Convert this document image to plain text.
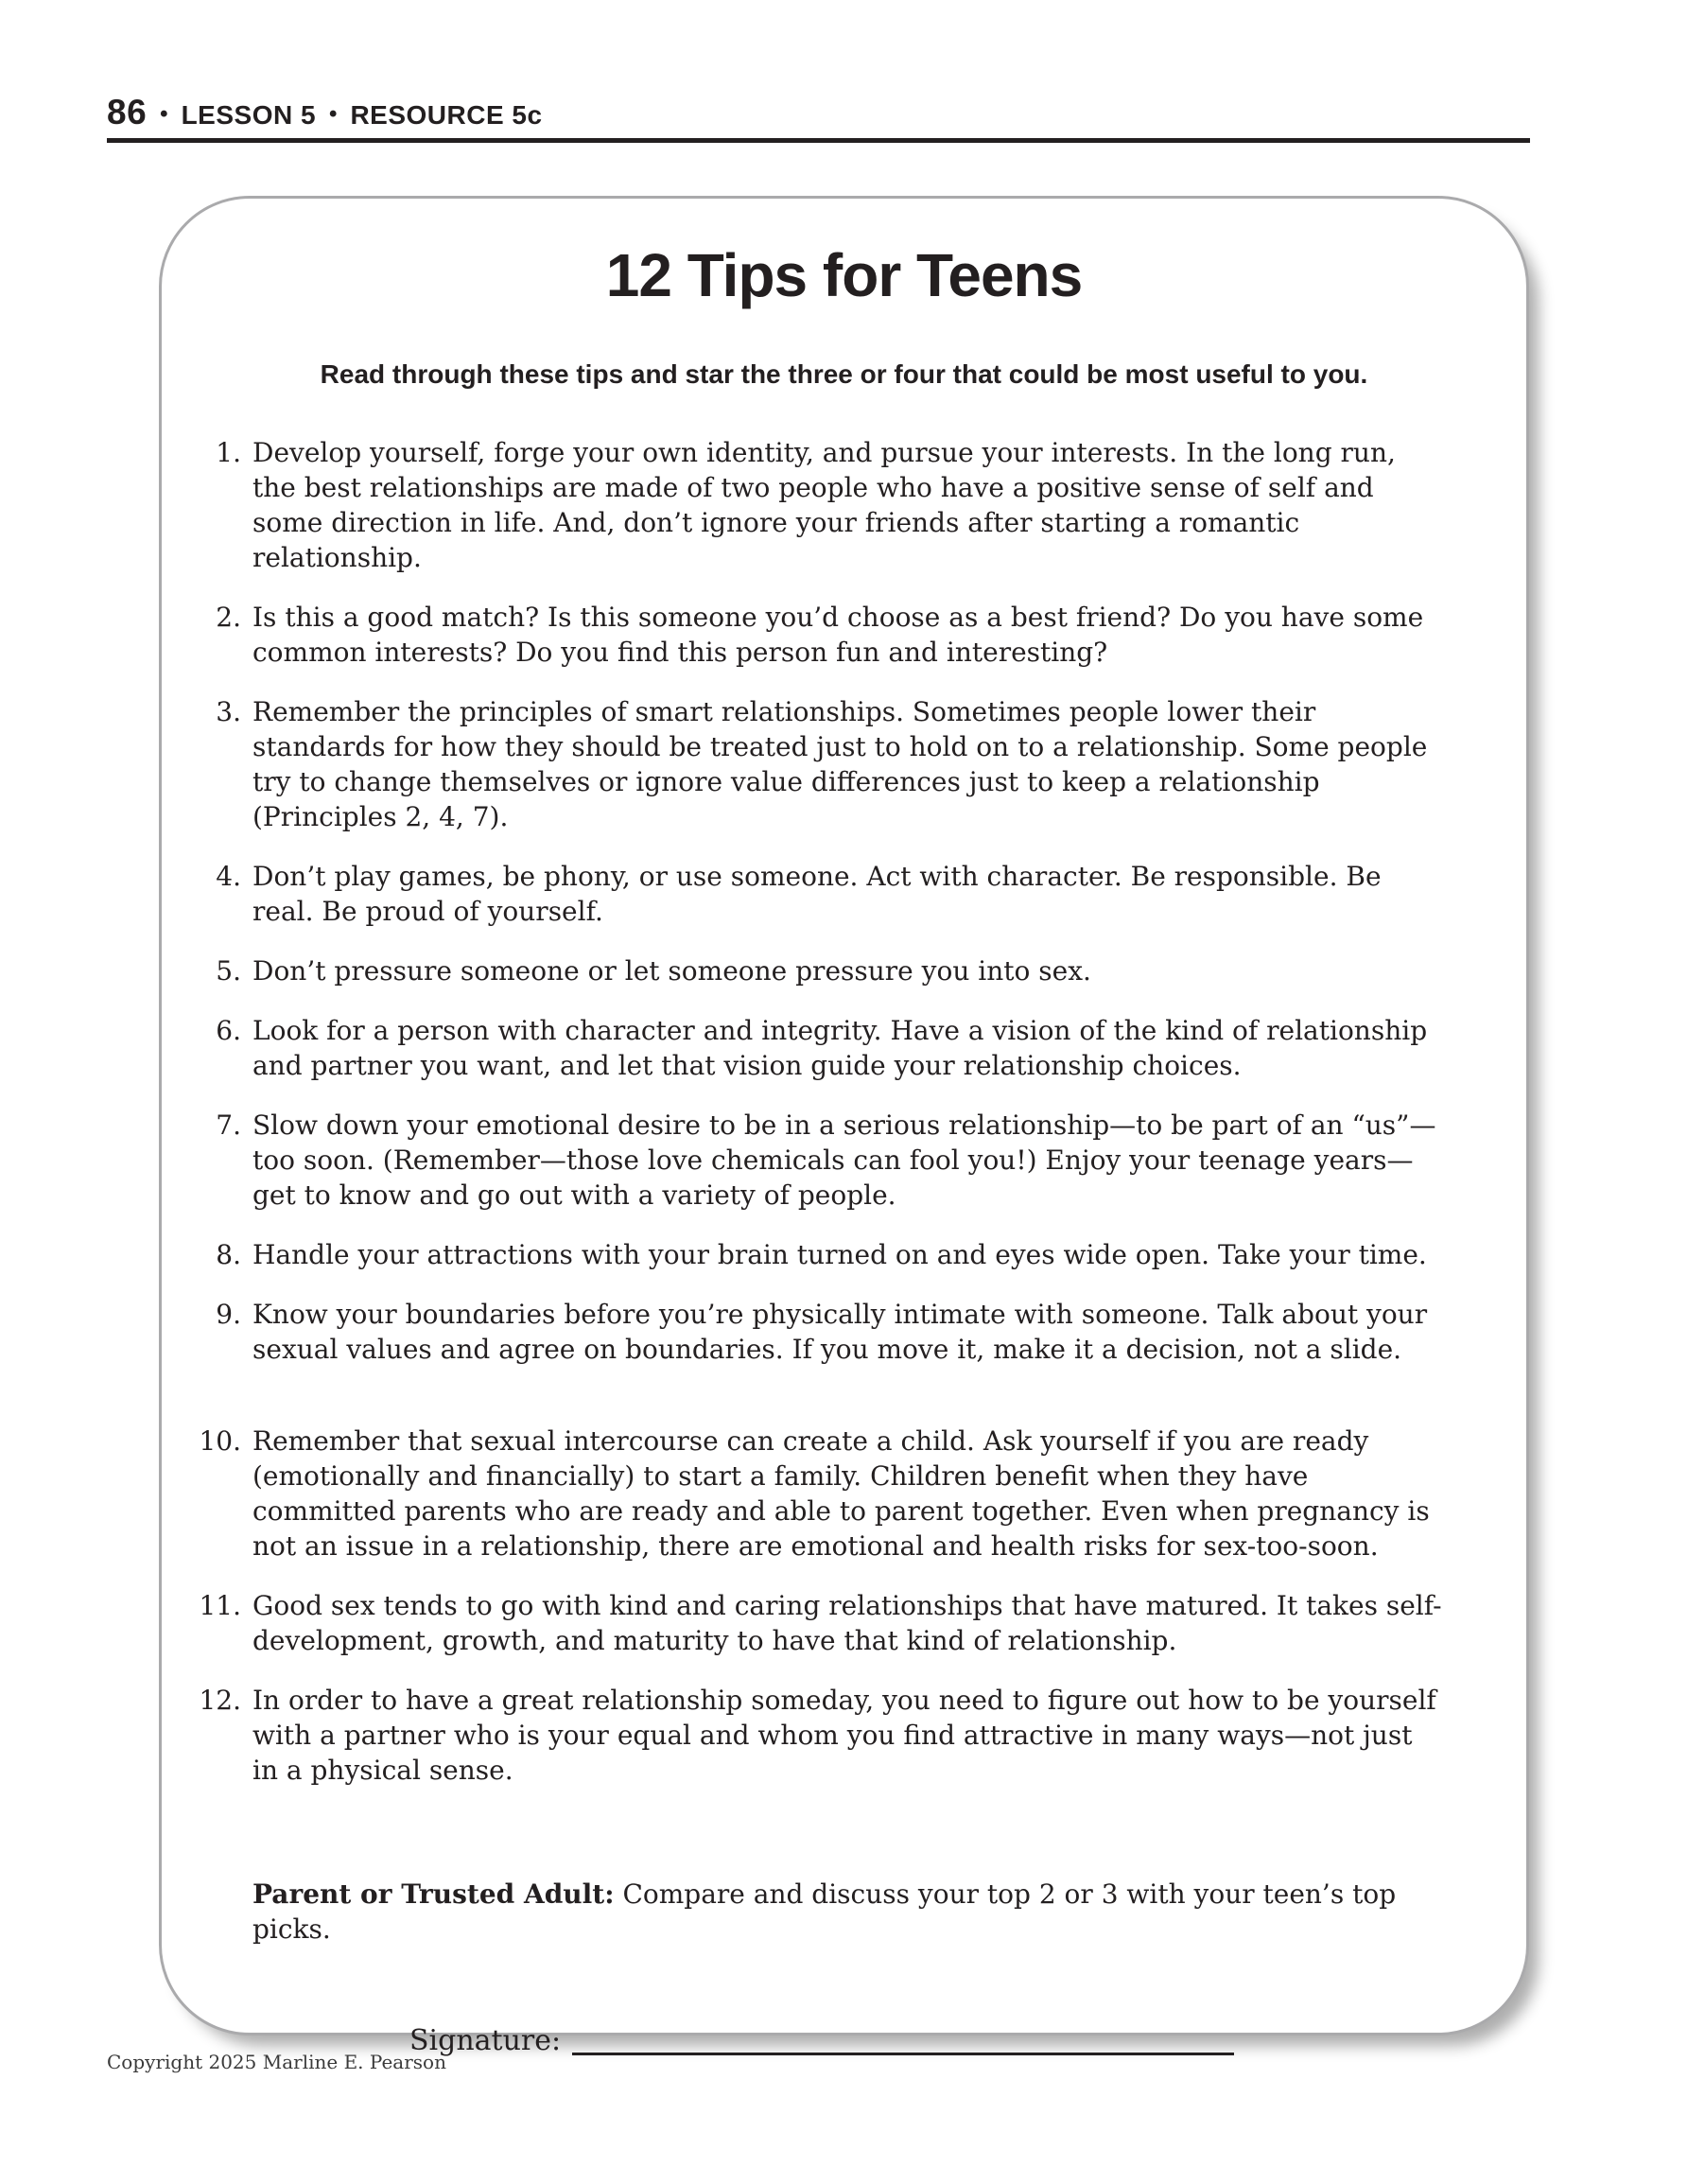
86 • LESSON 5 • RESOURCE 5c
12 Tips for Teens
Read through these tips and star the three or four that could be most useful to you.
1. Develop yourself, forge your own identity, and pursue your interests. In the long run, the best relationships are made of two people who have a positive sense of self and some direction in life. And, don’t ignore your friends after starting a romantic relationship.
2. Is this a good match? Is this someone you’d choose as a best friend? Do you have some common interests? Do you find this person fun and interesting?
3. Remember the principles of smart relationships. Sometimes people lower their standards for how they should be treated just to hold on to a relationship. Some people try to change themselves or ignore value differences just to keep a relationship (Principles 2, 4, 7).
4. Don’t play games, be phony, or use someone. Act with character. Be responsible. Be real. Be proud of yourself.
5. Don’t pressure someone or let someone pressure you into sex.
6. Look for a person with character and integrity. Have a vision of the kind of relationship and partner you want, and let that vision guide your relationship choices.
7. Slow down your emotional desire to be in a serious relationship—to be part of an “us”—too soon. (Remember—those love chemicals can fool you!) Enjoy your teenage years—get to know and go out with a variety of people.
8. Handle your attractions with your brain turned on and eyes wide open. Take your time.
9. Know your boundaries before you’re physically intimate with someone. Talk about your sexual values and agree on boundaries. If you move it, make it a decision, not a slide.
10. Remember that sexual intercourse can create a child. Ask yourself if you are ready (emotionally and financially) to start a family. Children benefit when they have committed parents who are ready and able to parent together. Even when pregnancy is not an issue in a relationship, there are emotional and health risks for sex-too-soon.
11. Good sex tends to go with kind and caring relationships that have matured. It takes self-development, growth, and maturity to have that kind of relationship.
12. In order to have a great relationship someday, you need to figure out how to be yourself with a partner who is your equal and whom you find attractive in many ways—not just in a physical sense.
Parent or Trusted Adult: Compare and discuss your top 2 or 3 with your teen’s top picks.
Signature:
Copyright 2025 Marline E. Pearson
